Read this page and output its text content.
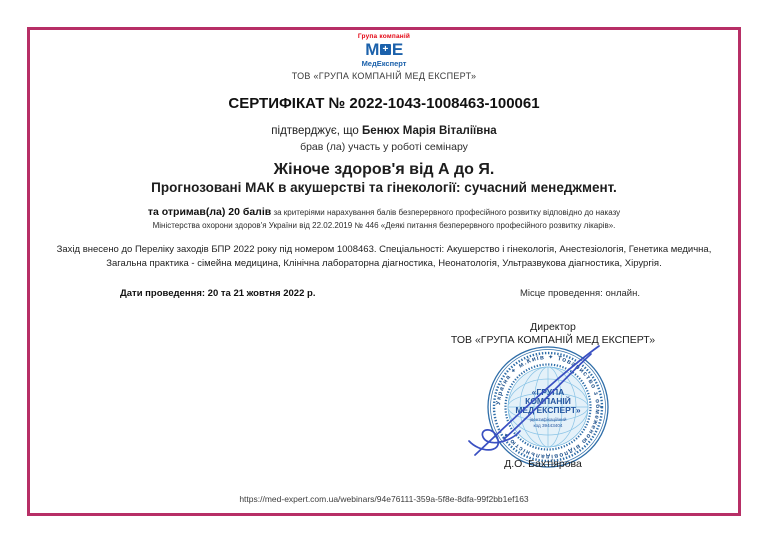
Група компаній
М + Е
МедЕксперт
ТОВ «ГРУПА КОМПАНІЙ МЕД ЕКСПЕРТ»
СЕРТИФІКАТ № 2022-1043-1008463-100061
підтверджує, що Бенюх Марія Віталіївна
брав (ла) участь у роботі семінару
Жіноче здоров'я від А до Я.
Прогнозовані МАК в акушерстві та гінекології: сучасний менеджмент.
та отримав(ла) 20 балів за критеріями нарахування балів безперервного професійного розвитку відповідно до наказу
Міністерства охорони здоров'я України від 22.02.2019 № 446 «Деякі питання безперервного професійного розвитку лікарів».
Захід внесено до Переліку заходів БПР 2022 року під номером 1008463. Спеціальності: Акушерство і гінекологія, Анестезіологія, Генетика медична,
Загальна практика - сімейна медицина, Клінічна лабораторна діагностика, Неонатологія, Ультразвукова діагностика, Хірургія.
Дати проведення: 20 та 21 жовтня 2022 р.	Місце проведення: онлайн.
Директор
ТОВ «ГРУПА КОМПАНІЙ МЕД ЕКСПЕРТ»
Україна ✦ м.Київ ✦ Товариство з обмеженою відповідальністю ✦
«ГРУПА
КОМПАНІЙ
МЕД ЕКСПЕРТ»
ідентифікаційний
код 39443404
Д.О. Бахтіярова
https://med-expert.com.ua/webinars/94e76111-359a-5f8e-8dfa-99f2bb1ef163
